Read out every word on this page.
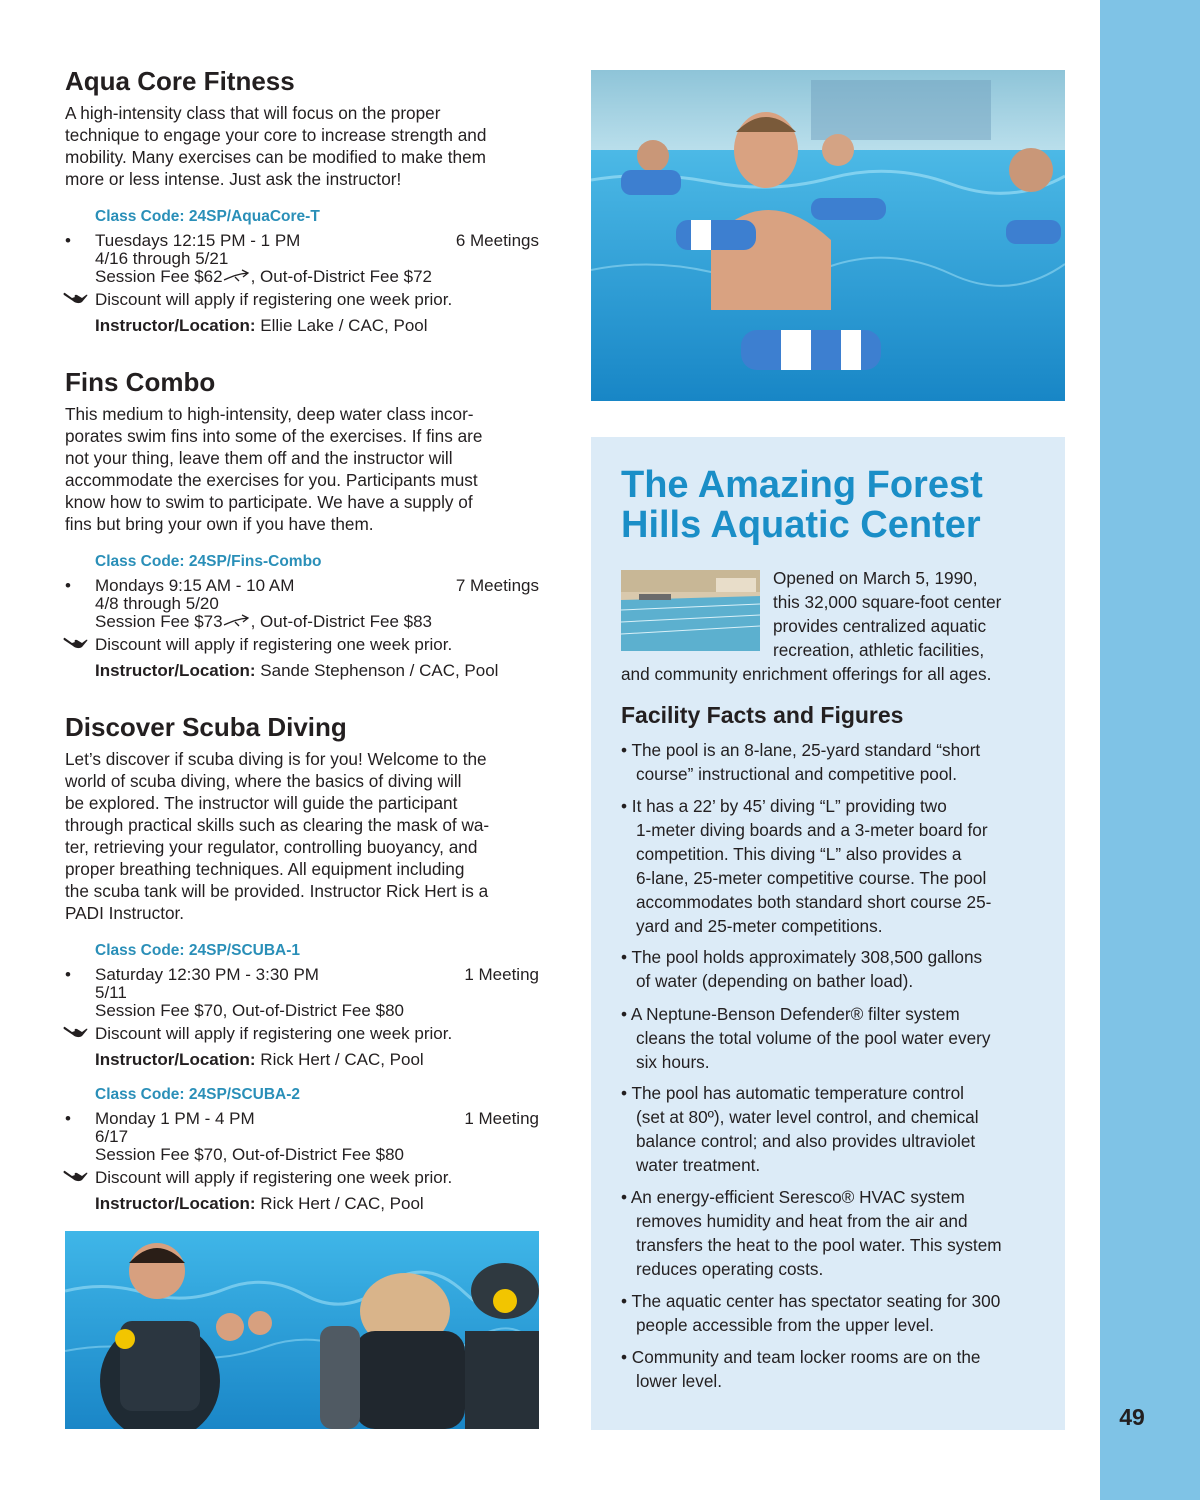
49
Aqua Core Fitness
A high-intensity class that will focus on the proper
technique to engage your core to increase strength and
mobility. Many exercises can be modified to make them
more or less intense. Just ask the instructor!
Class Code: 24SP/AquaCore-T
• Tuesdays 12:15 PM - 1 PM	6 Meetings
4/16 through 5/21
Session Fee $62 , Out-of-District Fee $72
Discount will apply if registering one week prior.
Instructor/Location: Ellie Lake / CAC, Pool
Fins Combo
This medium to high-intensity, deep water class incor-
porates swim fins into some of the exercises. If fins are
not your thing, leave them off and the instructor will
accommodate the exercises for you. Participants must
know how to swim to participate. We have a supply of
fins but bring your own if you have them.
Class Code: 24SP/Fins-Combo
• Mondays 9:15 AM - 10 AM	7 Meetings
4/8 through 5/20
Session Fee $73 , Out-of-District Fee $83
Discount will apply if registering one week prior.
Instructor/Location: Sande Stephenson / CAC, Pool
Discover Scuba Diving
Let’s discover if scuba diving is for you! Welcome to the
world of scuba diving, where the basics of diving will
be explored. The instructor will guide the participant
through practical skills such as clearing the mask of wa-
ter, retrieving your regulator, controlling buoyancy, and
proper breathing techniques. All equipment including
the scuba tank will be provided. Instructor Rick Hert is a
PADI Instructor.
Class Code: 24SP/SCUBA-1
• Saturday 12:30 PM - 3:30 PM	1 Meeting
5/11
Session Fee $70, Out-of-District Fee $80
Discount will apply if registering one week prior.
Instructor/Location: Rick Hert / CAC, Pool
Class Code: 24SP/SCUBA-2
• Monday 1 PM - 4 PM	1 Meeting
6/17
Session Fee $70, Out-of-District Fee $80
Discount will apply if registering one week prior.
Instructor/Location: Rick Hert / CAC, Pool
The Amazing Forest
Hills Aquatic Center
Opened on March 5, 1990,
this 32,000 square-foot center
provides centralized aquatic
recreation, athletic facilities,
and community enrichment offerings for all ages.
Facility Facts and Figures
• The pool is an 8-lane, 25-yard standard “short
course” instructional and competitive pool.
• It has a 22’ by 45’ diving “L” providing two
1-meter diving boards and a 3-meter board for
competition. This diving “L” also provides a
6-lane, 25-meter competitive course. The pool
accommodates both standard short course 25-
yard and 25-meter competitions.
• The pool holds approximately 308,500 gallons
of water (depending on bather load).
• A Neptune-Benson Defender® filter system
cleans the total volume of the pool water every
six hours.
• The pool has automatic temperature control
(set at 80º), water level control, and chemical
balance control; and also provides ultraviolet
water treatment.
• An energy-efficient Seresco® HVAC system
removes humidity and heat from the air and
transfers the heat to the pool water. This system
reduces operating costs.
• The aquatic center has spectator seating for 300
people accessible from the upper level.
• Community and team locker rooms are on the
lower level.
